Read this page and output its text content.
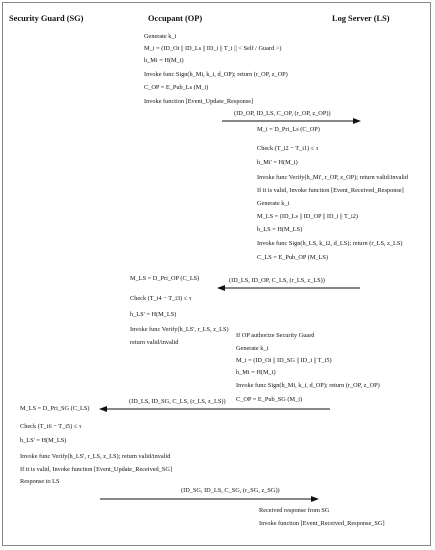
Security Guard (SG)	Occupant (OP)	Log Server (LS)
Generate k_i
M_i = (ID_Oi || ID_Ls || ID_i || T_i || < Self / Guard >)
h_Mi = H(M_i)
Invoke func Sign(h_Mi, k_i, d_OP); return (r_OP, z_OP)
C_OP = E_Pub_Ls (M_i)
Invoke function [Event_Update_Response]
(ID_OP, ID_LS, C_OP, (r_OP, z_OP))
M_i = D_Pri_Ls (C_OP)
Check (T_i2 − T_i1) ≤ τ
h_Mi' = H(M_i)
Invoke func Verify(h_Mi', r_OP, z_OP); return valid/invalid
If it is valid, Invoke function [Event_Received_Response]
Generate k_i
M_LS = (ID_Ls || ID_OP || ID_i || T_i2)
h_LS = H(M_LS)
Invoke func Sign(h_LS, k_i2, d_LS); return (r_LS, z_LS)
C_LS = E_Pub_OP (M_LS)
(ID_LS, ID_OP, C_LS, (r_LS, z_LS))
M_LS = D_Pri_OP (C_LS)
Check (T_i4 − T_i3) ≤ τ
h_LS' = H(M_LS)
Invoke func Verify(h_LS', r_LS, z_LS)
return valid/invalid
If OP authorize Security Guard
Generate k_i
M_i = (ID_Oi || ID_SG || ID_i || T_i5)
h_Mi = H(M_i)
Invoke func Sign(h_Mi, k_i, d_OP); return (r_OP, z_OP)
C_OP = E_Pub_SG (M_i)
(ID_LS, ID_SG, C_LS, (r_LS, z_LS))
M_LS = D_Pri_SG (C_LS)
Check (T_i6 − T_i5) ≤ τ
h_LS' = H(M_LS)
Invoke func Verify(h_LS', r_LS, z_LS); return valid/invalid
If it is valid, Invoke function [Event_Update_Received_SG]
Response to LS
(ID_SG, ID_LS, C_SG, (r_SG, z_SG))
Received response from SG
Invoke function [Event_Received_Response_SG]
